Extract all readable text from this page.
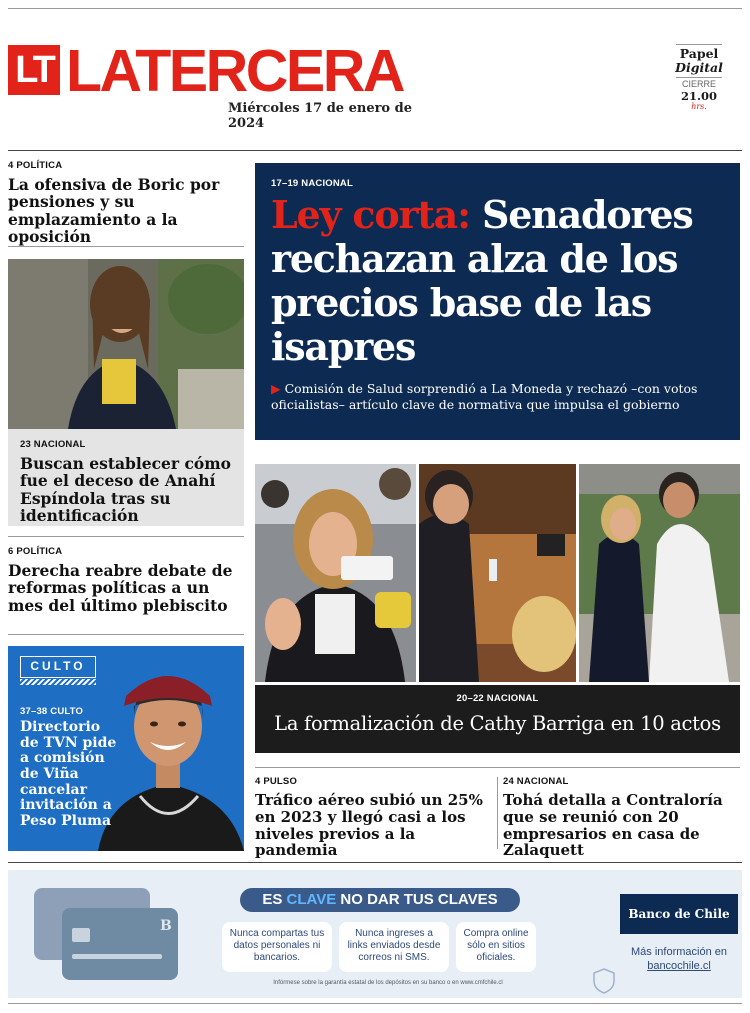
LT LATERCERA
Miércoles 17 de enero de 2024
Papel
Digital
CIERRE
21.00
hrs.
4 POLÍTICA
La ofensiva de Boric por pensiones y su emplazamiento a la oposición
23 NACIONAL
Buscan establecer cómo fue el deceso de Anahí Espíndola tras su identificación
6 POLÍTICA
Derecha reabre debate de reformas políticas a un mes del último plebiscito
CULTO
37–38 CULTO
Directorio de TVN pide a comisión de Viña cancelar invitación a Peso Pluma
17–19 NACIONAL
Ley corta: Senadores rechazan alza de los precios base de las isapres
▶ Comisión de Salud sorprendió a La Moneda y rechazó –con votos oficialistas– artículo clave de normativa que impulsa el gobierno
20–22 NACIONAL
La formalización de Cathy Barriga en 10 actos
4 PULSO
Tráfico aéreo subió un 25% en 2023 y llegó casi a los niveles previos a la pandemia
24 NACIONAL
Tohá detalla a Contraloría que se reunió con 20 empresarios en casa de Zalaquett
B
ES CLAVE NO DAR TUS CLAVES
Nunca compartas tus datos personales ni bancarios.
Nunca ingreses a links enviados desde correos ni SMS.
Compra online sólo en sitios oficiales.
Infórmese sobre la garantía estatal de los depósitos en su banco o en www.cmfchile.cl
Banco de Chile
Más información en
bancochile.cl
